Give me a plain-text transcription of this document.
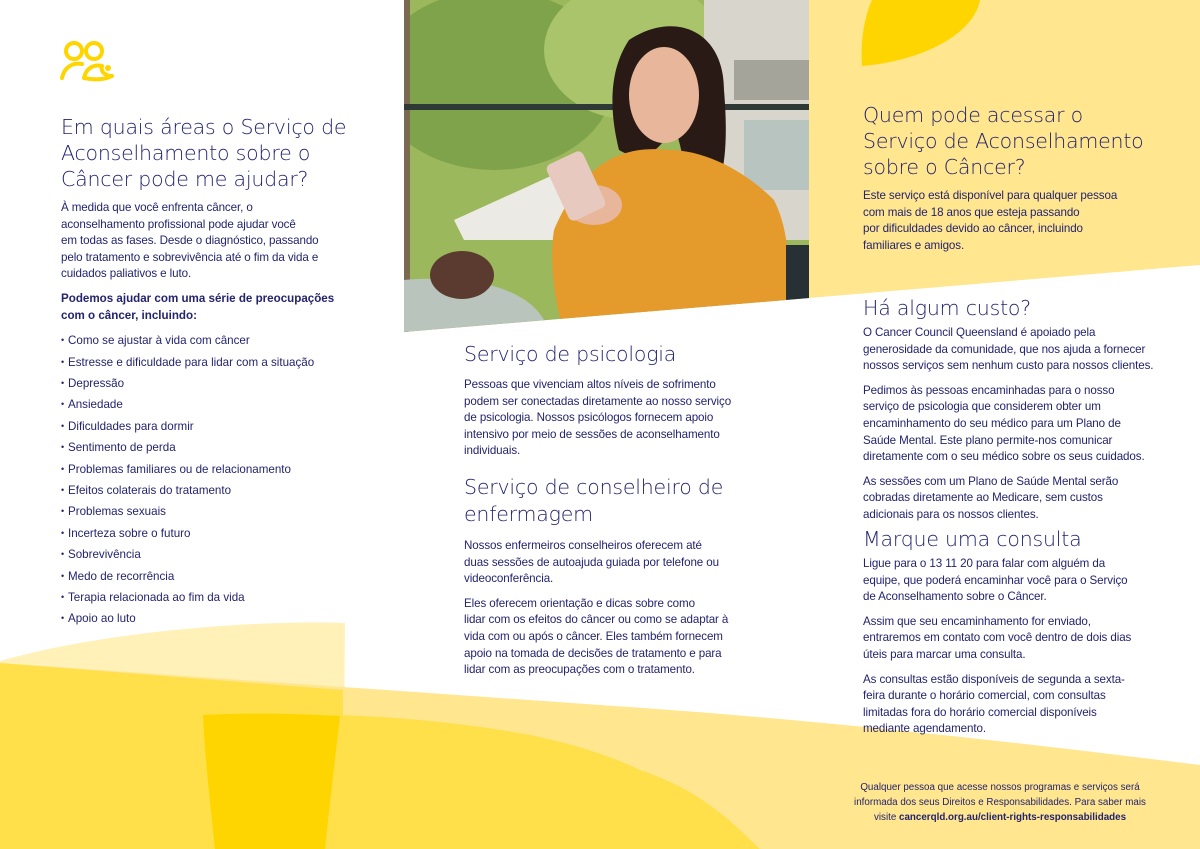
Em quais áreas o Serviço de
Aconselhamento sobre o
Câncer pode me ajudar?

À medida que você enfrenta câncer, o
aconselhamento profissional pode ajudar você
em todas as fases. Desde o diagnóstico, passando
pelo tratamento e sobrevivência até o fim da vida e
cuidados paliativos e luto.

Podemos ajudar com uma série de preocupações
com o câncer, incluindo:

• Como se ajustar à vida com câncer
• Estresse e dificuldade para lidar com a situação
• Depressão
• Ansiedade
• Dificuldades para dormir
• Sentimento de perda
• Problemas familiares ou de relacionamento
• Efeitos colaterais do tratamento
• Problemas sexuais
• Incerteza sobre o futuro
• Sobrevivência
• Medo de recorrência
• Terapia relacionada ao fim da vida
• Apoio ao luto
Serviço de psicologia

Pessoas que vivenciam altos níveis de sofrimento
podem ser conectadas diretamente ao nosso serviço
de psicologia. Nossos psicólogos fornecem apoio
intensivo por meio de sessões de aconselhamento
individuais.

Serviço de conselheiro de
enfermagem

Nossos enfermeiros conselheiros oferecem até
duas sessões de autoajuda guiada por telefone ou
videoconferência.

Eles oferecem orientação e dicas sobre como
lidar com os efeitos do câncer ou como se adaptar à
vida com ou após o câncer. Eles também fornecem
apoio na tomada de decisões de tratamento e para
lidar com as preocupações com o tratamento.

Quem pode acessar o
Serviço de Aconselhamento
sobre o Câncer?

Este serviço está disponível para qualquer pessoa
com mais de 18 anos que esteja passando
por dificuldades devido ao câncer, incluindo
familiares e amigos.

Há algum custo?

O Cancer Council Queensland é apoiado pela
generosidade da comunidade, que nos ajuda a fornecer
nossos serviços sem nenhum custo para nossos clientes.

Pedimos às pessoas encaminhadas para o nosso
serviço de psicologia que considerem obter um
encaminhamento do seu médico para um Plano de
Saúde Mental. Este plano permite-nos comunicar
diretamente com o seu médico sobre os seus cuidados.

As sessões com um Plano de Saúde Mental serão
cobradas diretamente ao Medicare, sem custos
adicionais para os nossos clientes.

Marque uma consulta

Ligue para o 13 11 20 para falar com alguém da
equipe, que poderá encaminhar você para o Serviço
de Aconselhamento sobre o Câncer.

Assim que seu encaminhamento for enviado,
entraremos em contato com você dentro de dois dias
úteis para marcar uma consulta.

As consultas estão disponíveis de segunda a sexta-
feira durante o horário comercial, com consultas
limitadas fora do horário comercial disponíveis
mediante agendamento.

Qualquer pessoa que acesse nossos programas e serviços será
informada dos seus Direitos e Responsabilidades. Para saber mais
visite cancerqld.org.au/client-rights-responsabilidades
